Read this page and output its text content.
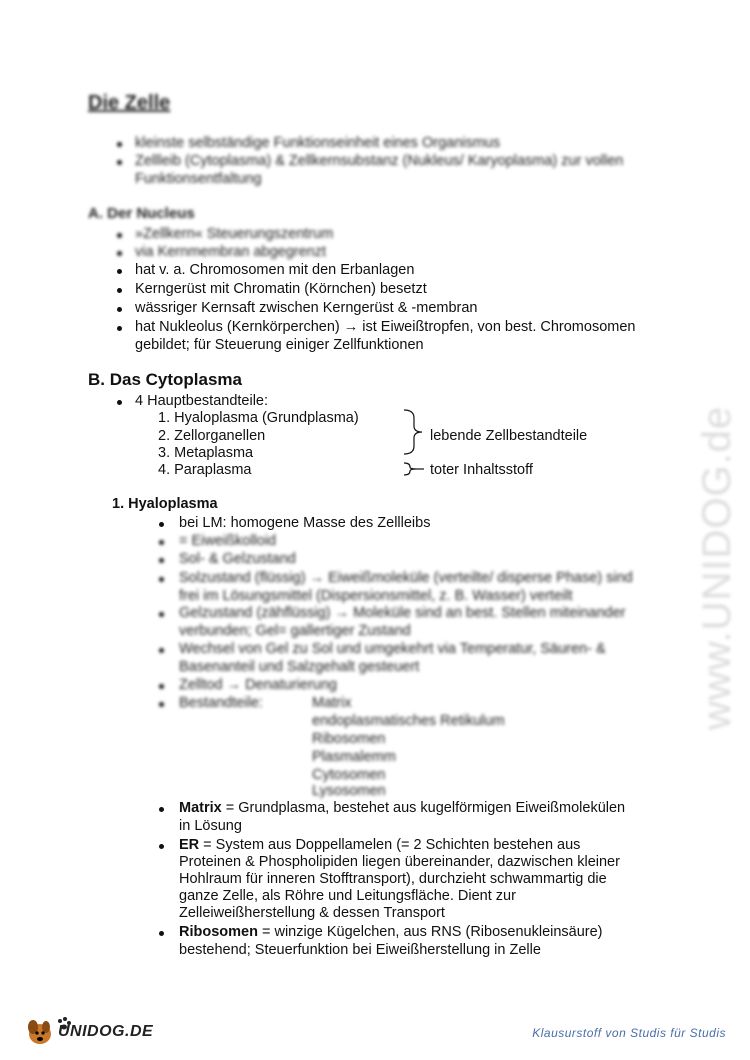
Die Zelle
kleinste selbständige Funktionseinheit eines Organismus
Zellleib (Cytoplasma) & Zellkernsubstanz (Nukleus/ Karyoplasma) zur vollen
Funktionsentfaltung
A. Der Nucleus
»Zellkern« Steuerungszentrum
via Kernmembran abgegrenzt
hat v. a. Chromosomen mit den Erbanlagen
Kerngerüst mit Chromatin (Körnchen) besetzt
wässriger Kernsaft zwischen Kerngerüst & -membran
hat Nukleolus (Kernkörperchen) → ist Eiweißtropfen, von best. Chromosomen
gebildet; für Steuerung einiger Zellfunktionen
B. Das Cytoplasma
4 Hauptbestandteile:
1. Hyaloplasma (Grundplasma)
2. Zellorganellen
3. Metaplasma
4. Paraplasma
lebende Zellbestandteile
toter Inhaltsstoff
1. Hyaloplasma
bei LM: homogene Masse des Zellleibs
= Eiweißkolloid
Sol- & Gelzustand
Solzustand (flüssig) → Eiweißmoleküle (verteilte/ disperse Phase) sind
frei im Lösungsmittel (Dispersionsmittel, z. B. Wasser) verteilt
Gelzustand (zähflüssig) → Moleküle sind an best. Stellen miteinander
verbunden; Gel= gallertiger Zustand
Wechsel von Gel zu Sol und umgekehrt via Temperatur, Säuren- &
Basenanteil und Salzgehalt gesteuert
Zelltod → Denaturierung
Bestandteile:	Matrix
endoplasmatisches Retikulum
Ribosomen
Plasmalemm
Cytosomen
Lysosomen
Matrix = Grundplasma, bestehet aus kugelförmigen Eiweißmolekülen
in Lösung
ER = System aus Doppellamelen (= 2 Schichten bestehen aus
Proteinen & Phospholipiden liegen übereinander, dazwischen kleiner
Hohlraum für inneren Stofftransport), durchzieht schwammartig die
ganze Zelle, als Röhre und Leitungsfläche. Dient zur
Zelleiweißherstellung & dessen Transport
Ribosomen = winzige Kügelchen, aus RNS (Ribosenukleinsäure)
bestehend; Steuerfunktion bei Eiweißherstellung in Zelle
www.UNIDOG.de
UNIDOG.DE	Klausurstoff von Studis für Studis
